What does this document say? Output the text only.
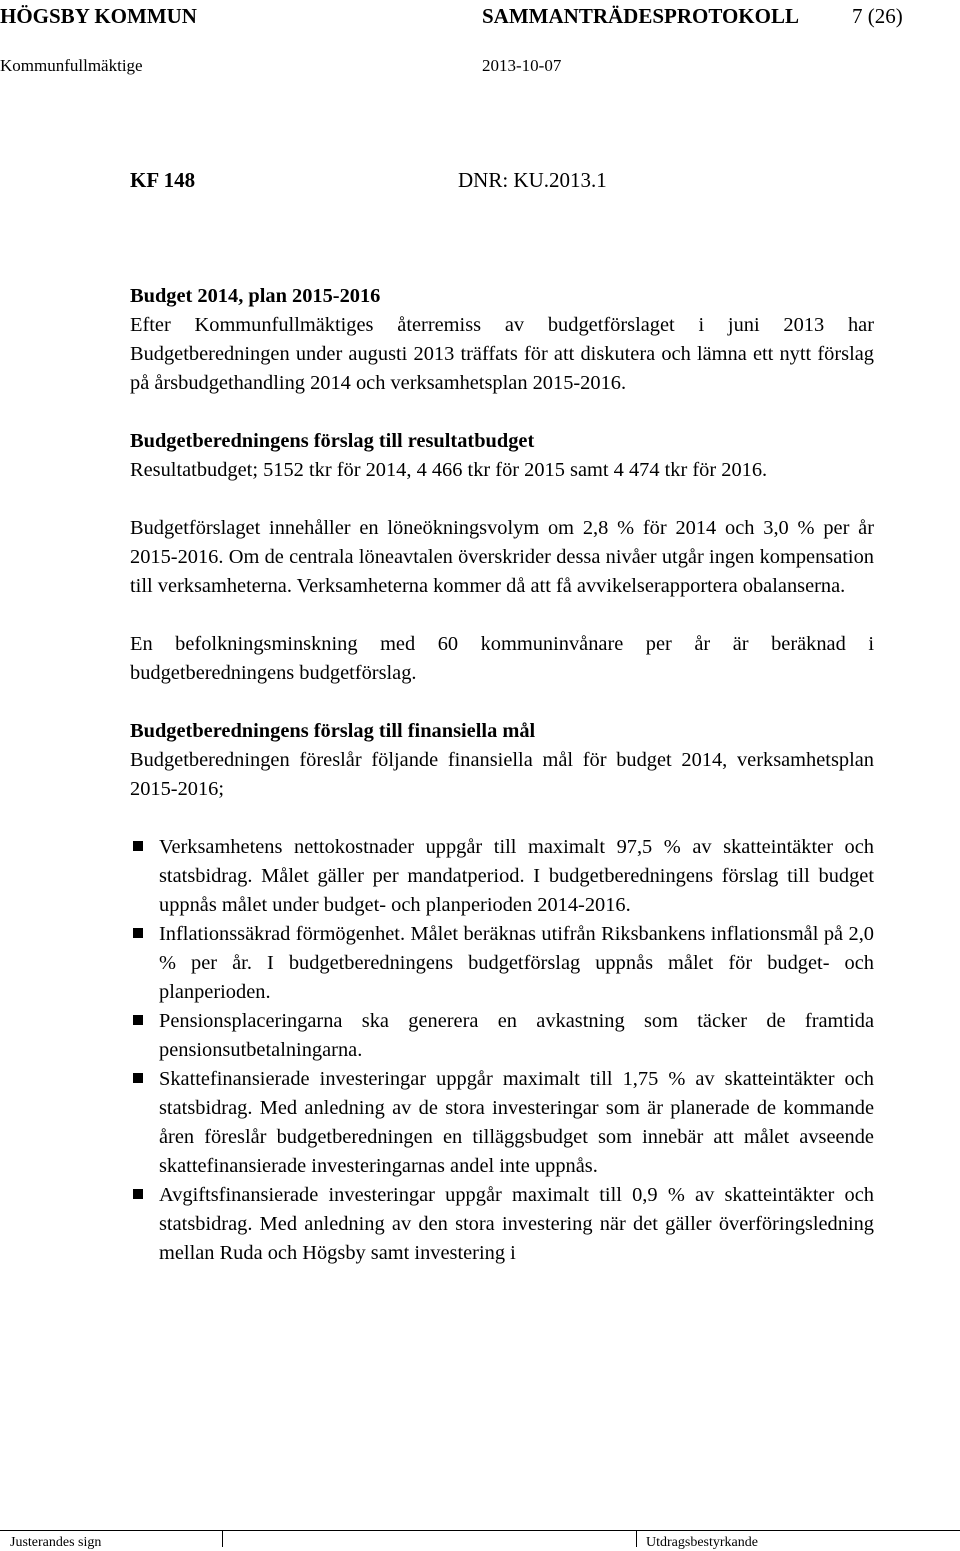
HÖGSBY KOMMUN	SAMMANTRÄDESPROTOKOLL	7 (26)
Kommunfullmäktige	2013-10-07
KF 148	DNR: KU.2013.1

Budget 2014, plan 2015-2016
Efter Kommunfullmäktiges återremiss av budgetförslaget i juni 2013 har Budgetberedningen under augusti 2013 träffats för att diskutera och lämna ett nytt förslag på årsbudgethandling 2014 och verksamhetsplan 2015-2016.

Budgetberedningens förslag till resultatbudget
Resultatbudget; 5152 tkr för 2014, 4 466 tkr för 2015 samt 4 474 tkr för 2016.

Budgetförslaget innehåller en löneökningsvolym om 2,8 % för 2014 och 3,0 % per år 2015-2016. Om de centrala löneavtalen överskrider dessa nivåer utgår ingen kompensation till verksamheterna. Verksamheterna kommer då att få avvikelserapportera obalanserna.

En befolkningsminskning med 60 kommuninvånare per år är beräknad i budgetberedningens budgetförslag.

Budgetberedningens förslag till finansiella mål
Budgetberedningen föreslår följande finansiella mål för budget 2014, verksamhetsplan 2015-2016;

Verksamhetens nettokostnader uppgår till maximalt 97,5 % av skatteintäkter och statsbidrag. Målet gäller per mandatperiod. I budgetberedningens förslag till budget uppnås målet under budget- och planperioden 2014-2016.
Inflationssäkrad förmögenhet. Målet beräknas utifrån Riksbankens inflationsmål på 2,0 % per år. I budgetberedningens budgetförslag uppnås målet för budget- och planperioden.
Pensionsplaceringarna ska generera en avkastning som täcker de framtida pensionsutbetalningarna.
Skattefinansierade investeringar uppgår maximalt till 1,75 % av skatteintäkter och statsbidrag. Med anledning av de stora investeringar som är planerade de kommande åren föreslår budgetberedningen en tilläggsbudget som innebär att målet avseende skattefinansierade investeringarnas andel inte uppnås.
Avgiftsfinansierade investeringar uppgår maximalt till 0,9 % av skatteintäkter och statsbidrag. Med anledning av den stora investering när det gäller överföringsledning mellan Ruda och Högsby samt investering i
Justerandes sign	Utdragsbestyrkande
